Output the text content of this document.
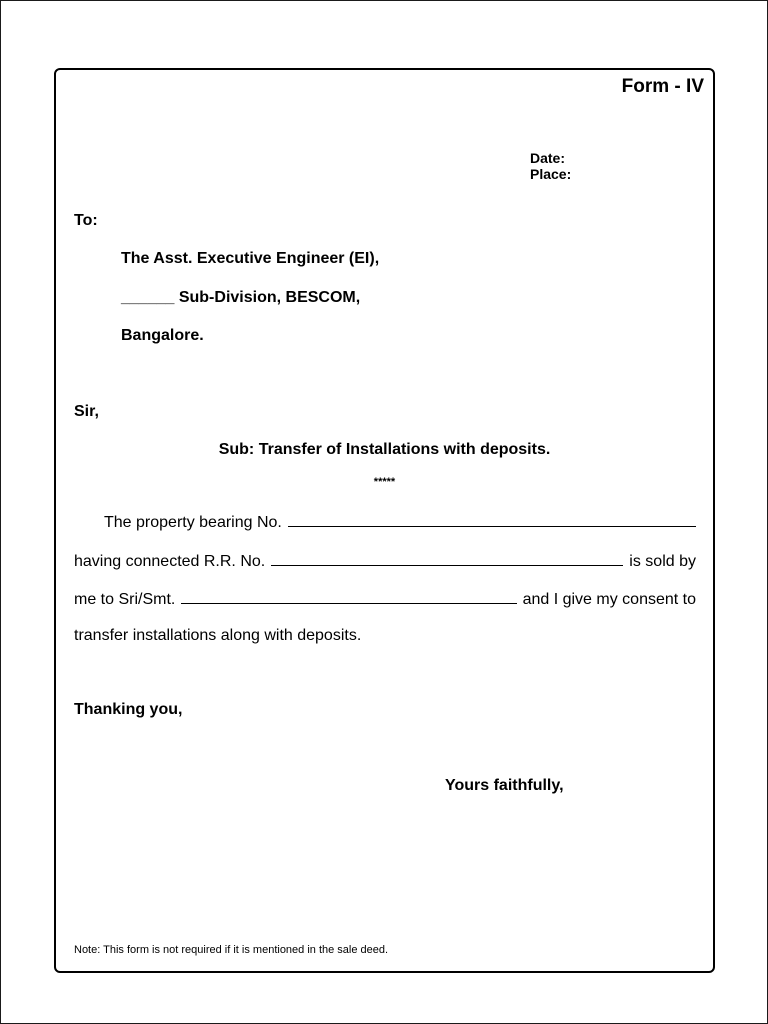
Form - IV
Date:
Place:
To:
The Asst. Executive Engineer (EI),
______ Sub-Division, BESCOM,
Bangalore.
Sir,
Sub: Transfer of Installations with deposits.
*****
The property bearing No.
having connected R.R. No.	is sold by
me to Sri/Smt.	and I give my consent to
transfer installations along with deposits.
Thanking you,
Yours faithfully,
Note: This form is not required if it is mentioned in the sale deed.
